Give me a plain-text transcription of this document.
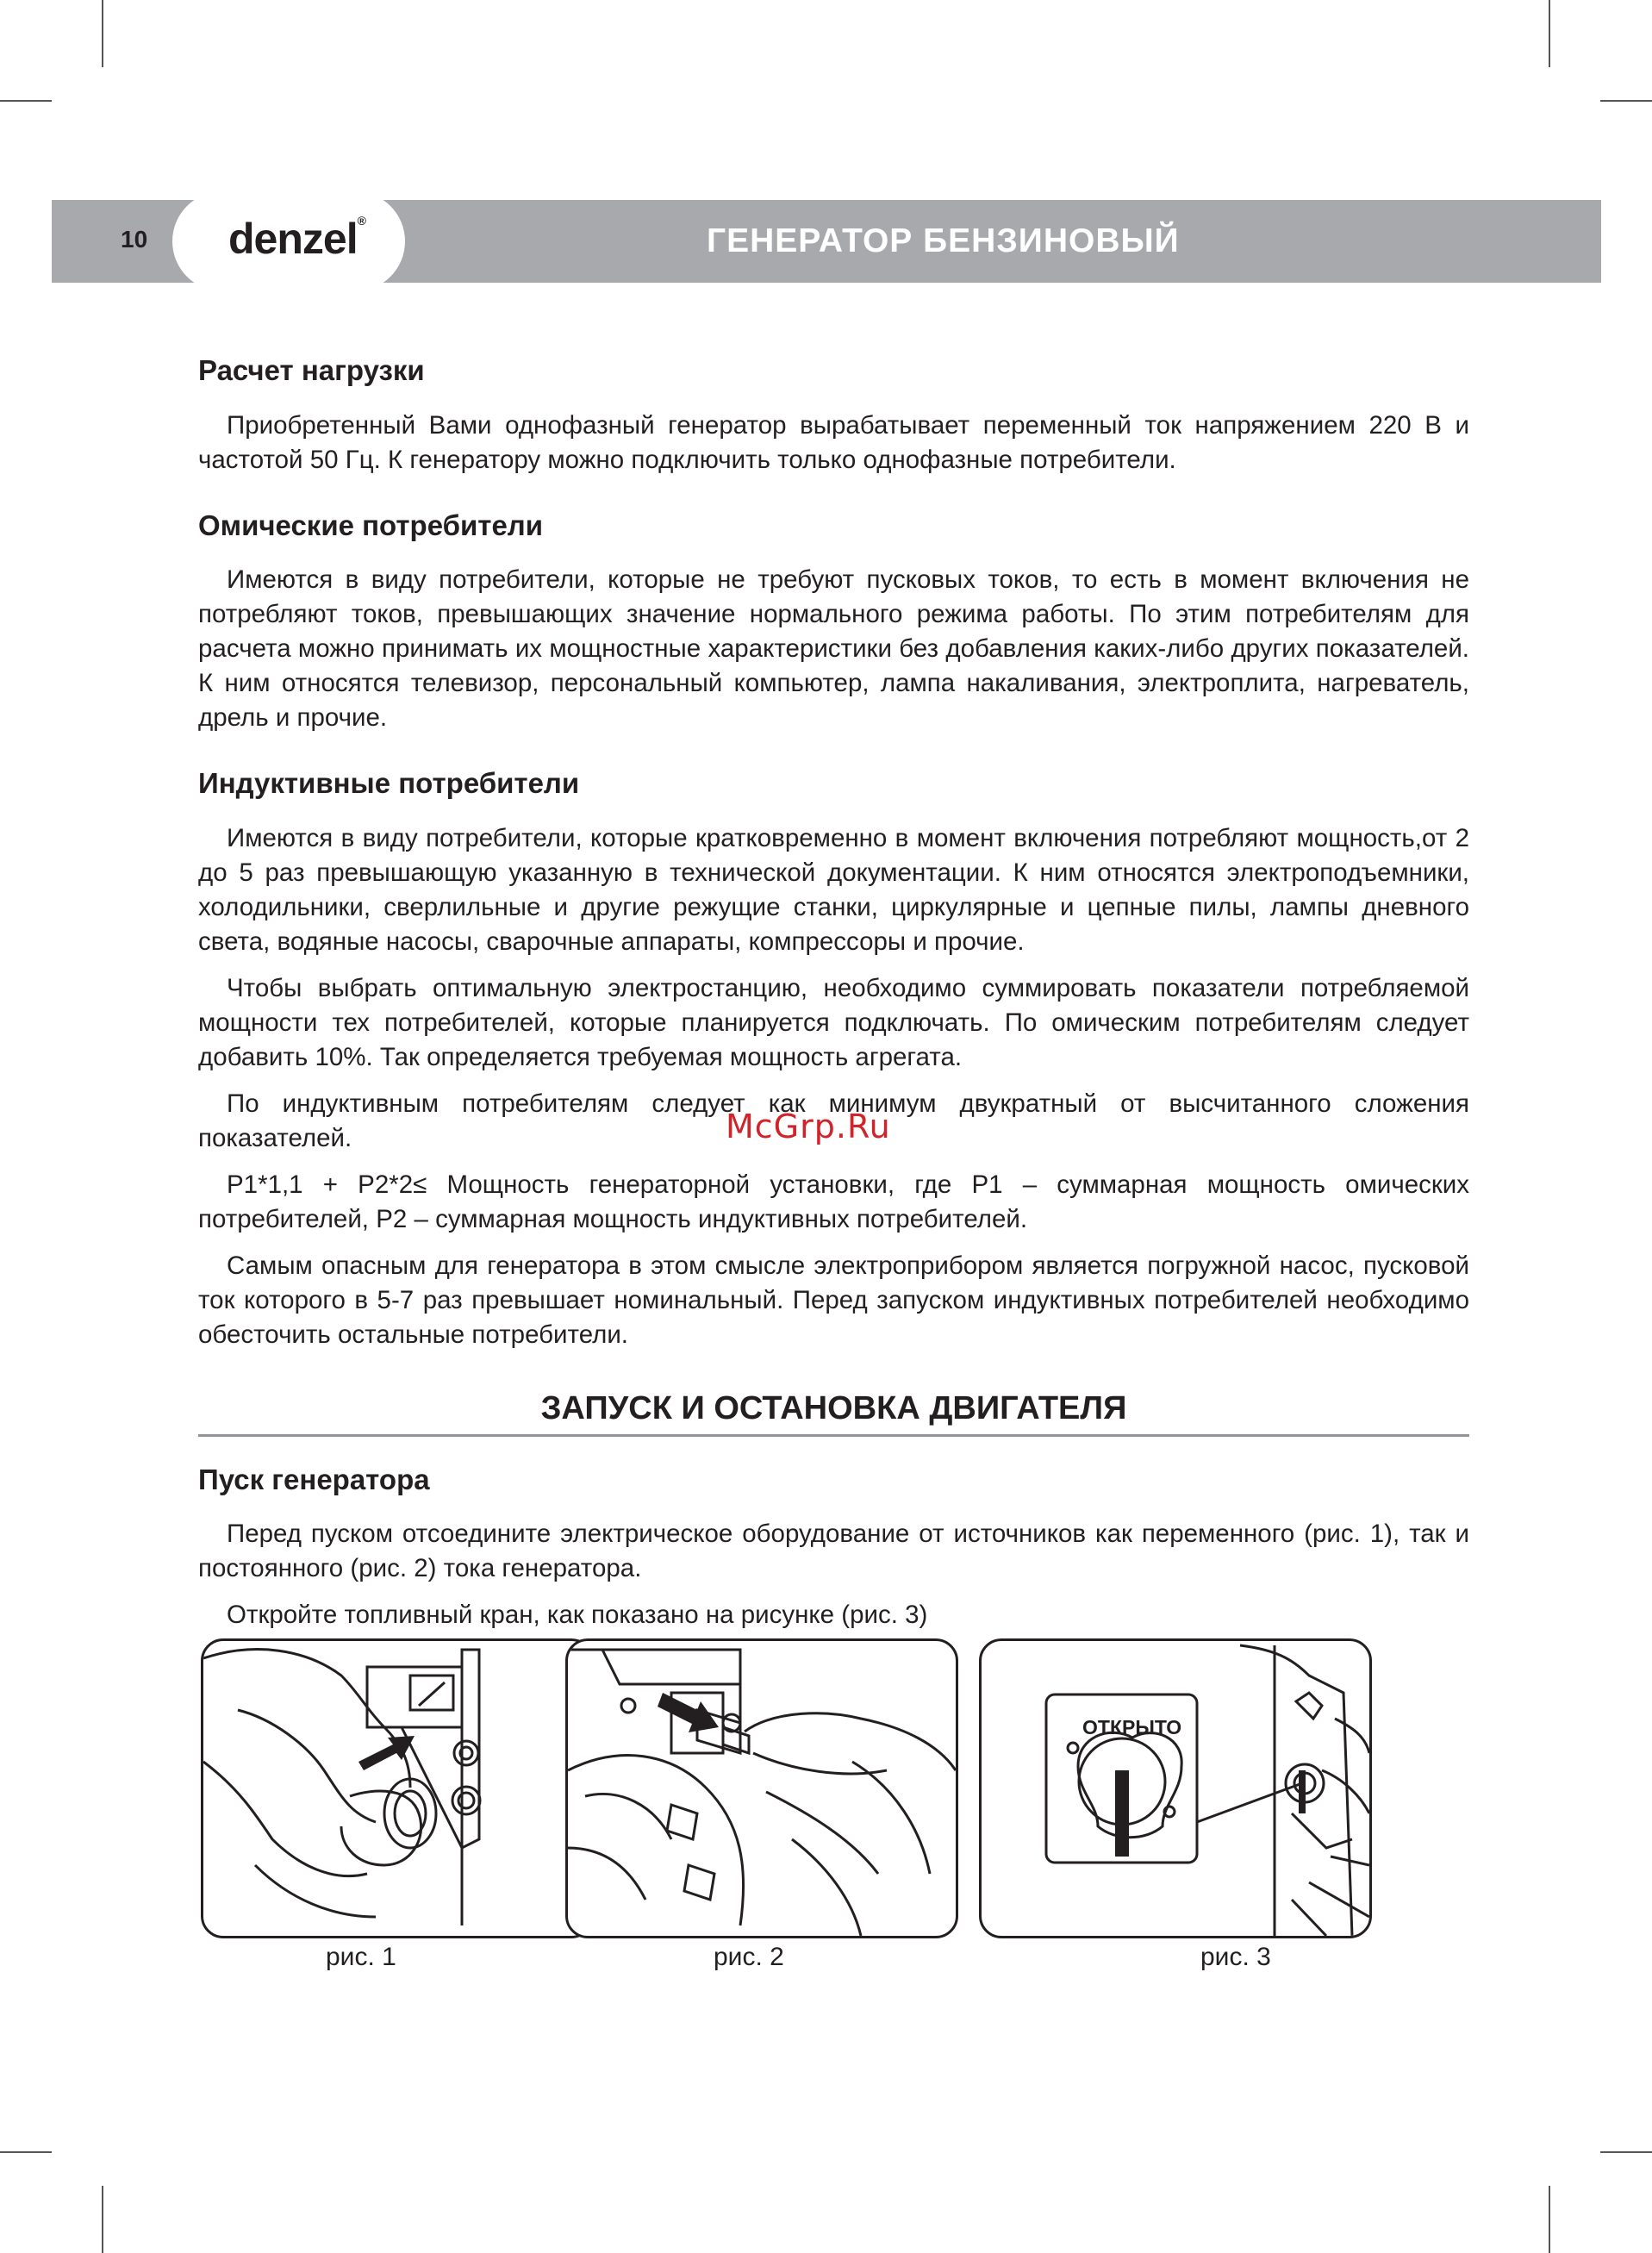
10 denzel®
ГЕНЕРАТОР БЕНЗИНОВЫЙ
Расчет нагрузки

Приобретенный Вами однофазный генератор вырабатывает переменный ток напряжением 220 В и частотой 50 Гц. К генератору можно подключить только однофазные потребители.

Омические потребители

Имеются в виду потребители, которые не требуют пусковых токов, то есть в момент включения не потребляют токов, превышающих значение нормального режима работы. По этим потребителям для расчета можно принимать их мощностные характеристики без добавления каких-либо других показателей. К ним относятся телевизор, персональный компьютер, лампа накаливания, электроплита, нагреватель, дрель и прочие.

Индуктивные потребители

Имеются в виду потребители, которые кратковременно в момент включения потребляют мощность,от 2 до 5 раз превышающую указанную в технической документации. К ним относятся электроподъемники, холодильники, сверлильные и другие режущие станки, циркулярные и цепные пилы, лампы дневного света, водяные насосы, сварочные аппараты, компрессоры и прочие.

Чтобы выбрать оптимальную электростанцию, необходимо суммировать показатели потребляемой мощности тех потребителей, которые планируется подключать. По омическим потребителям следует добавить 10%. Так определяется требуемая мощность агрегата.

По индуктивным потребителям следует как минимум двукратный от высчитанного сложения показателей.

Р1*1,1 + Р2*2≤ Мощность генераторной установки, где Р1 – суммарная мощность омических потребителей, Р2 – суммарная мощность индуктивных потребителей.

Самым опасным для генератора в этом смысле электроприбором является погружной насос, пусковой ток которого в 5-7 раз превышает номинальный. Перед запуском индуктивных потребителей необходимо обесточить остальные потребители.

ЗАПУСК И ОСТАНОВКА ДВИГАТЕЛЯ
Пуск генератора

Перед пуском отсоедините электрическое оборудование от источников как переменного (рис. 1), так и постоянного (рис. 2) тока генератора.

Откройте топливный кран, как показано на рисунке (рис. 3)

McGrp.Ru
рис. 1	рис. 2
ОТКРЫТО
рис. 3
